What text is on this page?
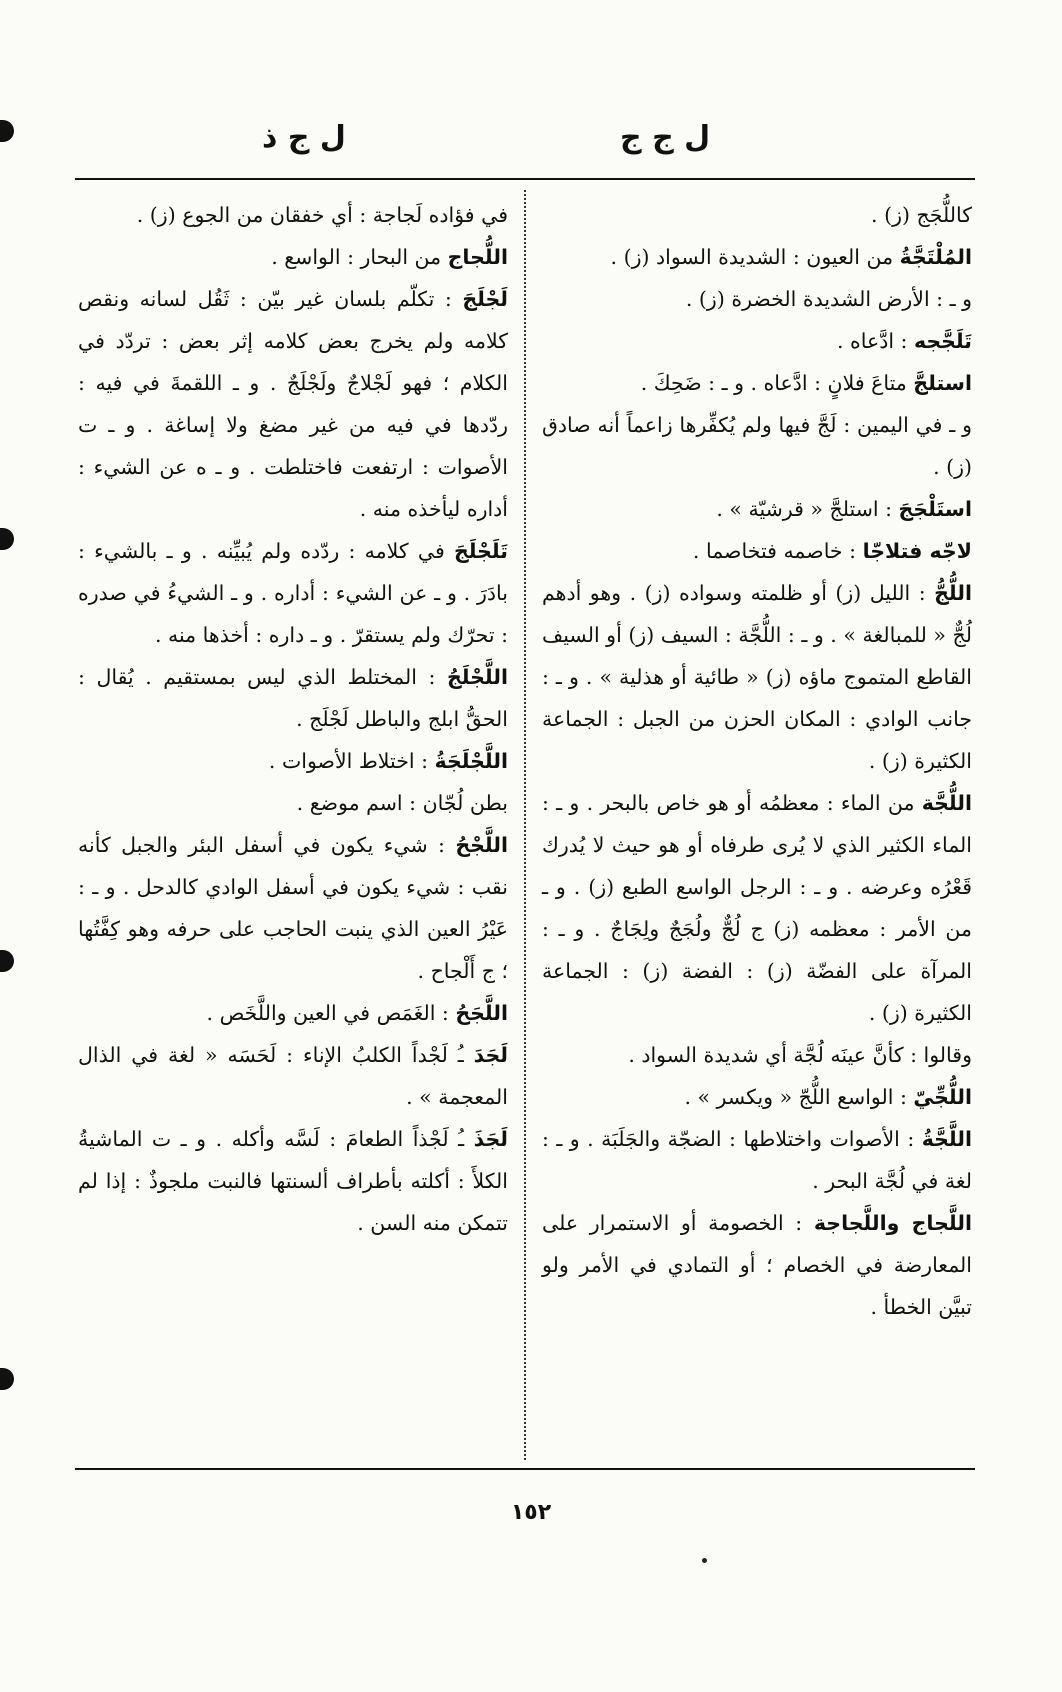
ل ج ج
ل ج ذ

كاللُّجَج (ز) .

المُلْتَجَّةُ من العيون : الشديدة السواد (ز) .

و ـ : الأرض الشديدة الخضرة (ز) .

تَلَجَّجه : ادَّعاه .

استلجَّ متاعَ فلانٍ : ادَّعاه . و ـ : ضَحِكَ .

و ـ في اليمين : لَجَّ فيها ولم يُكفِّرها زاعماً أنه صادق (ز) .

استَلْجَجَ : استلجَّ « قرشيّة » .

لاجّه فتلاجّا : خاصمه فتخاصما .

اللُّجُّ : الليل (ز) أو ظلمته وسواده (ز) . وهو أدهم لُجٌّ « للمبالغة » . و ـ : اللُّجَّة : السيف (ز) أو السيف القاطع المتموج ماؤه (ز) « طائية أو هذلية » . و ـ : جانب الوادي : المكان الحزن من الجبل : الجماعة الكثيرة (ز) .

اللُّجَّة من الماء : معظمُه أو هو خاص بالبحر . و ـ : الماء الكثير الذي لا يُرى طرفاه أو هو حيث لا يُدرك قَعْرُه وعرضه . و ـ : الرجل الواسع الطبع (ز) . و ـ من الأمر : معظمه (ز) ج لُجٌّ ولُجَجٌ ولِجَاجٌ . و ـ : المرآة على الفضّة (ز) : الفضة (ز) : الجماعة الكثيرة (ز) .

وقالوا : كأنَّ عينَه لُجَّة أي شديدة السواد .

اللُّجِّيّ : الواسع اللُّجّ « ويكسر » .

اللَّجَّةُ : الأصوات واختلاطها : الضجّة والجَلَبَة . و ـ : لغة في لُجَّة البحر .

اللَّجاج واللَّجاجة : الخصومة أو الاستمرار على المعارضة في الخصام ؛ أو التمادي في الأمر ولو تبيَّن الخطأ .

في فؤاده لَجاجة : أي خفقان من الجوع (ز) .

اللُّجاج من البحار : الواسع .

لَجْلَجَ : تكلّم بلسان غير بيّن : ثَقُل لسانه ونقص كلامه ولم يخرج بعض كلامه إثر بعض : تردّد في الكلام ؛ فهو لَجْلاجٌ ولَجْلَجٌ . و ـ اللقمةَ في فيه : ردّدها في فيه من غير مضغ ولا إساغة . و ـ ت الأصوات : ارتفعت فاختلطت . و ـ ه عن الشيء : أداره ليأخذه منه .

تَلَجْلَجَ في كلامه : ردّده ولم يُبيِّنه . و ـ بالشيء : بادَرَ . و ـ عن الشيء : أداره . و ـ الشيءُ في صدره : تحرّك ولم يستقرّ . و ـ داره : أخذها منه .

اللَّجْلَجُ : المختلط الذي ليس بمستقيم . يُقال : الحقُّ ابلج والباطل لَجْلَج .

اللَّجْلَجَةُ : اختلاط الأصوات .

بطن لُجّان : اسم موضع .

اللَّجْحُ : شيء يكون في أسفل البئر والجبل كأنه نقب : شيء يكون في أسفل الوادي كالدحل . و ـ : عَيْرُ العين الذي ينبت الحاجب على حرفه وهو كِفَّتُها ؛ ج أَلْجاح .

اللَّجَحُ : الغَمَص في العين واللَّخَص .

لَجَدَ ـُ لَجْداً الكلبُ الإناء : لَحَسَه « لغة في الذال المعجمة » .

لَجَذَ ـُ لَجْذاً الطعامَ : لَسَّه وأكله . و ـ ت الماشيةُ الكلأَ : أكلته بأطراف ألسنتها فالنبت ملجوذٌ : إذا لم تتمكن منه السن .

١٥٢
